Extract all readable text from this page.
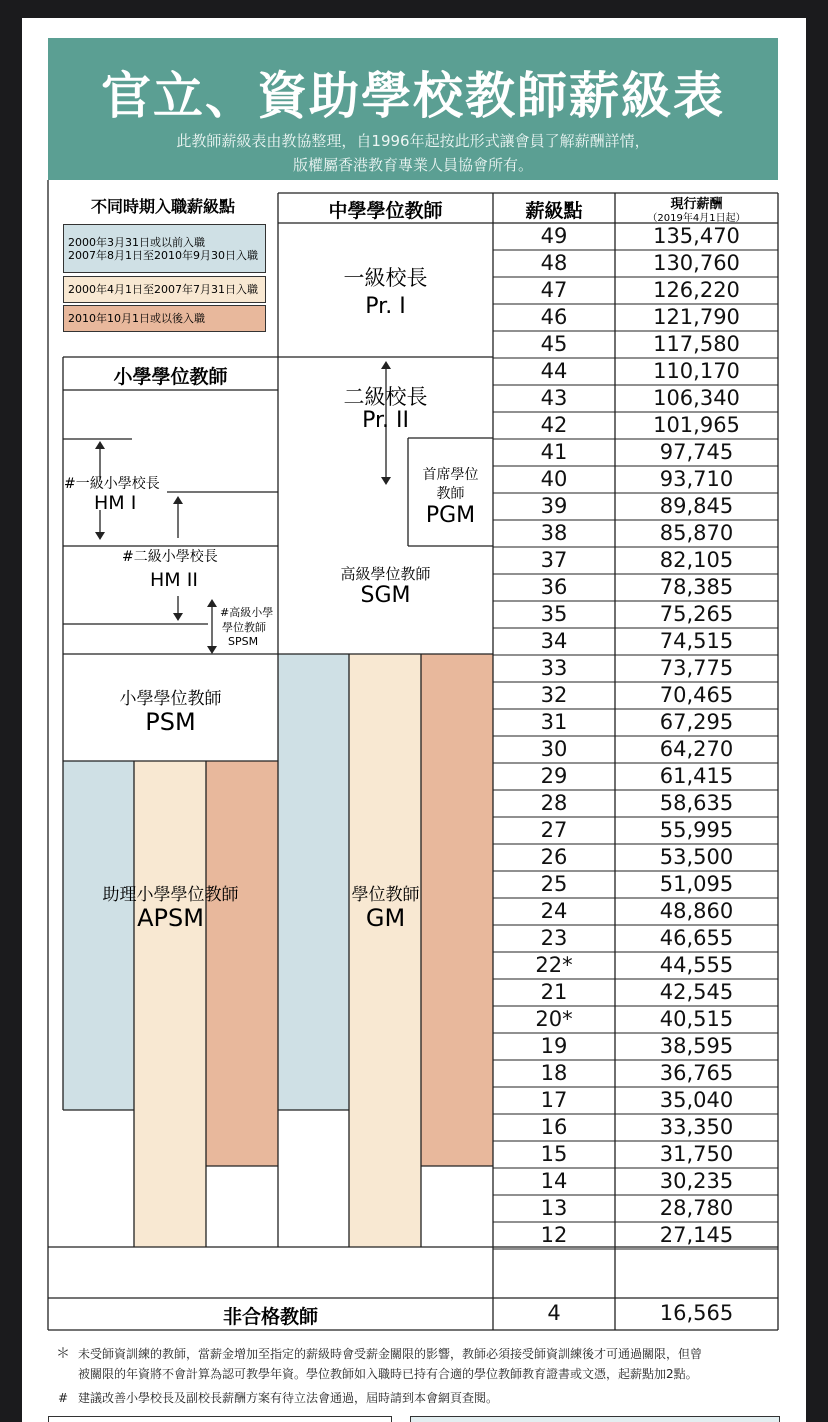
官立、資助學校教師薪級表
此教師薪級表由教協整理，自1996年起按此形式讓會員了解薪酬詳情，
版權屬香港教育專業人員協會所有。
不同時期入職薪級點
2000年3月31日或以前入職
2007年8月1日至2010年9月30日入職
2000年4月1日至2007年7月31日入職
2010年10月1日或以後入職
中學學位教師	薪級點	現行薪酬
（2019年4月1日起）
小學學位教師
一級校長
Pr. I
二級校長
Pr. II
首席學位
教師
PGM
高級學位教師
SGM
學位教師
GM
#一級小學校長
HM I
#二級小學校長
HM II
#高級小學
學位教師
SPSM
小學學位教師
PSM
助理小學學位教師
APSM
49	135,470
48	130,760
47	126,220
46	121,790
45	117,580
44	110,170
43	106,340
42	101,965
41	97,745
40	93,710
39	89,845
38	85,870
37	82,105
36	78,385
35	75,265
34	74,515
33	73,775
32	70,465
31	67,295
30	64,270
29	61,415
28	58,635
27	55,995
26	53,500
25	51,095
24	48,860
23	46,655
22*	44,555
21	42,545
20*	40,515
19	38,595
18	36,765
17	35,040
16	33,350
15	31,750
14	30,235
13	28,780
12	27,145
非合格教師	4	16,565
＊ 未受師資訓練的教師，當薪金增加至指定的薪級時會受薪金關限的影響，教師必須接受師資訓練後才可通過關限，但曾
被關限的年資將不會計算為認可教學年資。學位教師如入職時已持有合適的學位教師教育證書或文憑，起薪點加2點。
# 建議改善小學校長及副校長薪酬方案有待立法會通過，屆時請到本會網頁查閱。
